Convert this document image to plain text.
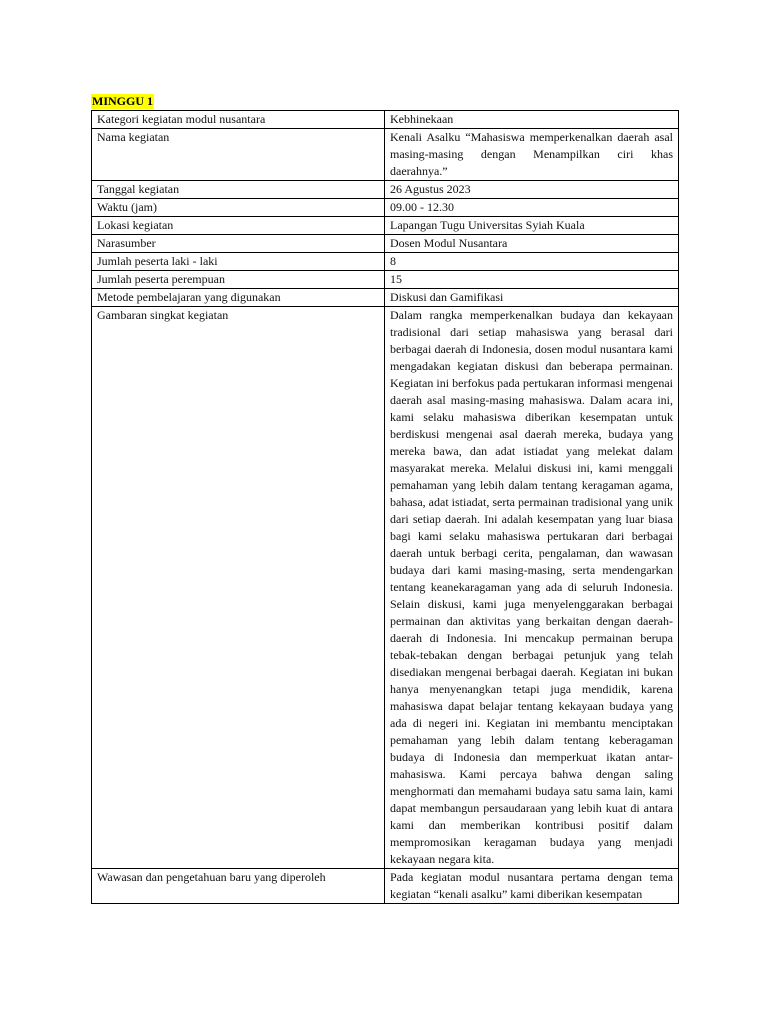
MINGGU 1
Kategori kegiatan modul nusantara	Kebhinekaan
Nama kegiatan	Kenali Asalku “Mahasiswa memperkenalkan daerah asal masing-masing dengan Menampilkan ciri khas daerahnya.”
Tanggal kegiatan	26 Agustus 2023
Waktu (jam)	09.00 - 12.30
Lokasi kegiatan	Lapangan Tugu Universitas Syiah Kuala
Narasumber	Dosen Modul Nusantara
Jumlah peserta laki - laki	8
Jumlah peserta perempuan	15
Metode pembelajaran yang digunakan	Diskusi dan Gamifikasi
Gambaran singkat kegiatan	Dalam rangka memperkenalkan budaya dan kekayaan tradisional dari setiap mahasiswa yang berasal dari berbagai daerah di Indonesia, dosen modul nusantara kami mengadakan kegiatan diskusi dan beberapa permainan. Kegiatan ini berfokus pada pertukaran informasi mengenai daerah asal masing-masing mahasiswa. Dalam acara ini, kami selaku mahasiswa diberikan kesempatan untuk berdiskusi mengenai asal daerah mereka, budaya yang mereka bawa, dan adat istiadat yang melekat dalam masyarakat mereka. Melalui diskusi ini, kami menggali pemahaman yang lebih dalam tentang keragaman agama, bahasa, adat istiadat, serta permainan tradisional yang unik dari setiap daerah. Ini adalah kesempatan yang luar biasa bagi kami selaku mahasiswa pertukaran dari berbagai daerah untuk berbagi cerita, pengalaman, dan wawasan budaya dari kami masing-masing, serta mendengarkan tentang keanekaragaman yang ada di seluruh Indonesia. Selain diskusi, kami juga menyelenggarakan berbagai permainan dan aktivitas yang berkaitan dengan daerah-daerah di Indonesia. Ini mencakup permainan berupa tebak-tebakan dengan berbagai petunjuk yang telah disediakan mengenai berbagai daerah. Kegiatan ini bukan hanya menyenangkan tetapi juga mendidik, karena mahasiswa dapat belajar tentang kekayaan budaya yang ada di negeri ini. Kegiatan ini membantu menciptakan pemahaman yang lebih dalam tentang keberagaman budaya di Indonesia dan memperkuat ikatan antar-mahasiswa. Kami percaya bahwa dengan saling menghormati dan memahami budaya satu sama lain, kami dapat membangun persaudaraan yang lebih kuat di antara kami dan memberikan kontribusi positif dalam mempromosikan keragaman budaya yang menjadi kekayaan negara kita.

Wawasan dan pengetahuan baru yang diperoleh	Pada kegiatan modul nusantara pertama dengan tema kegiatan “kenali asalku” kami diberikan kesempatan
